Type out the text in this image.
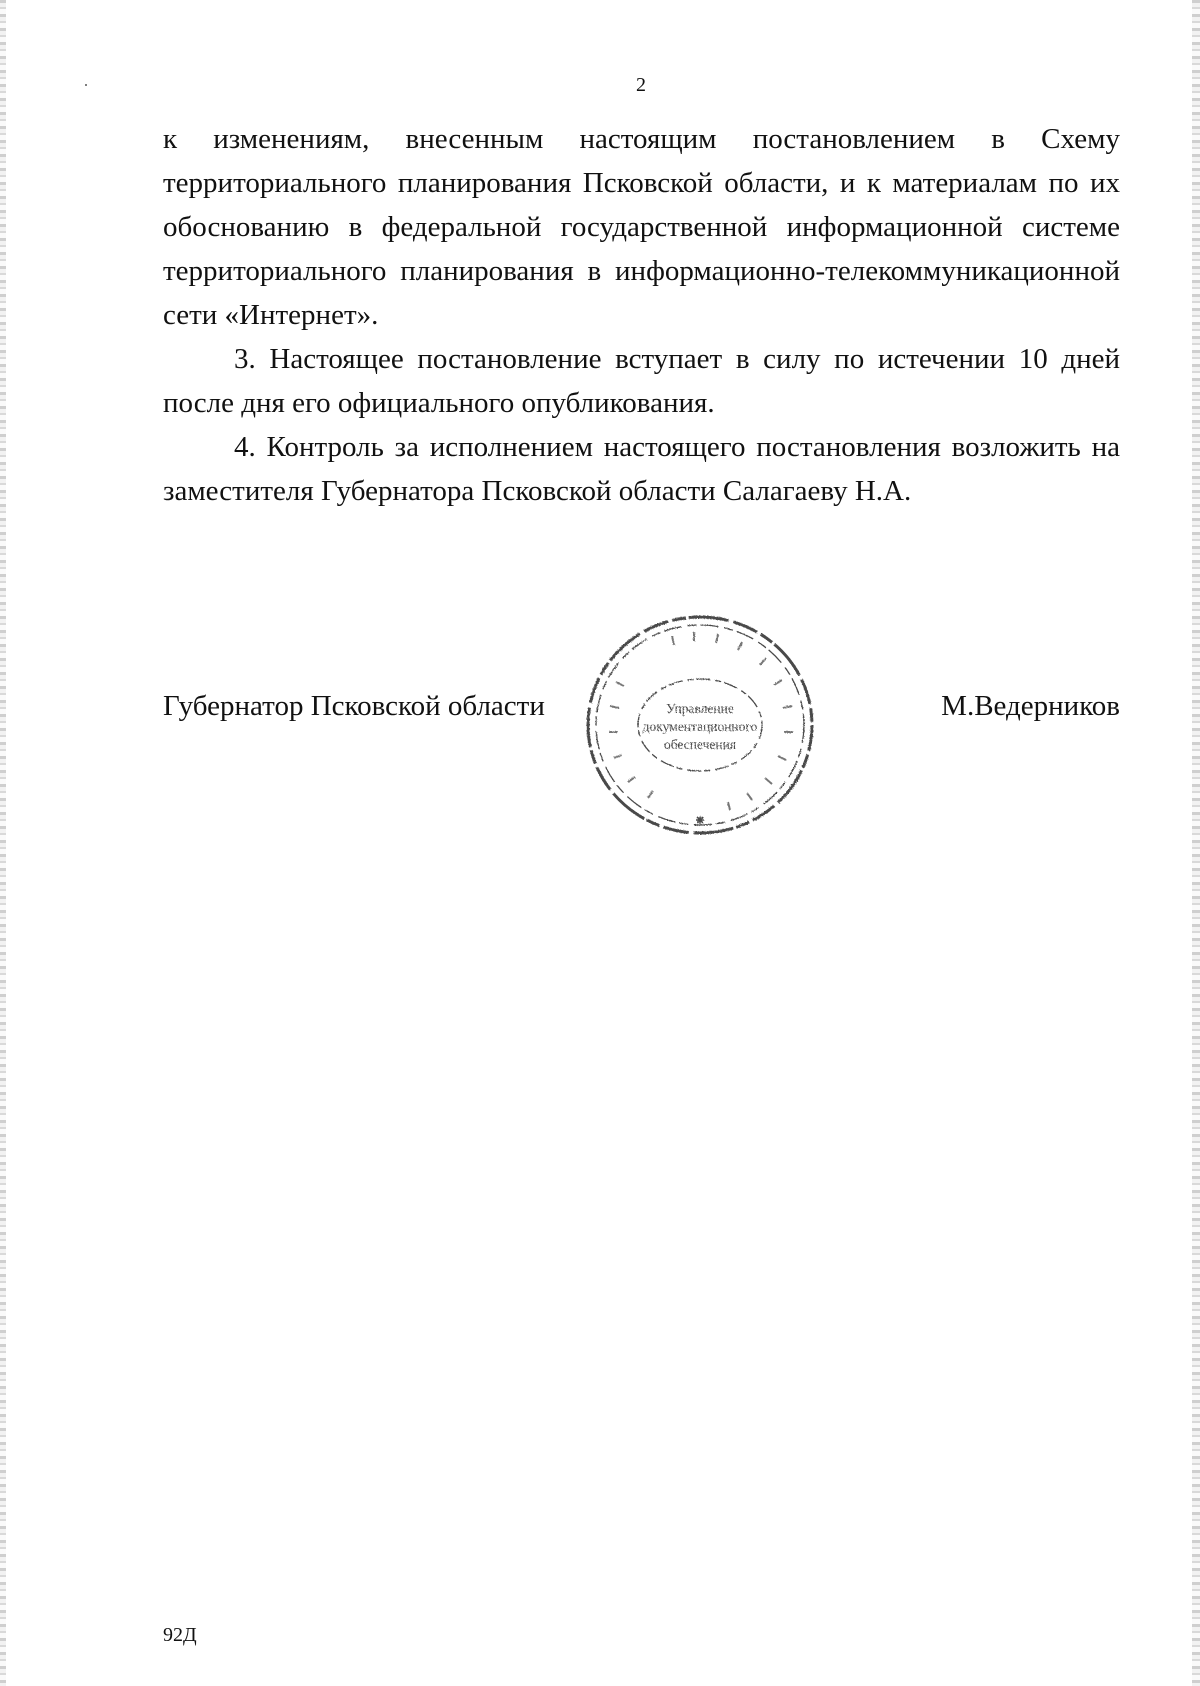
2

к изменениям, внесенным настоящим постановлением в Схему территориального планирования Псковской области, и к материалам по их обоснованию в федеральной государственной информационной системе территориального планирования в информационно-телекоммуникационной сети «Интернет».

3. Настоящее постановление вступает в силу по истечении 10 дней после дня его официального опубликования.

4. Контроль за исполнением настоящего постановления возложить на заместителя Губернатора Псковской области Салагаеву Н.А.

Губернатор Псковской области	М.Ведерников
Управление
документационного
обеспечения
92Д
